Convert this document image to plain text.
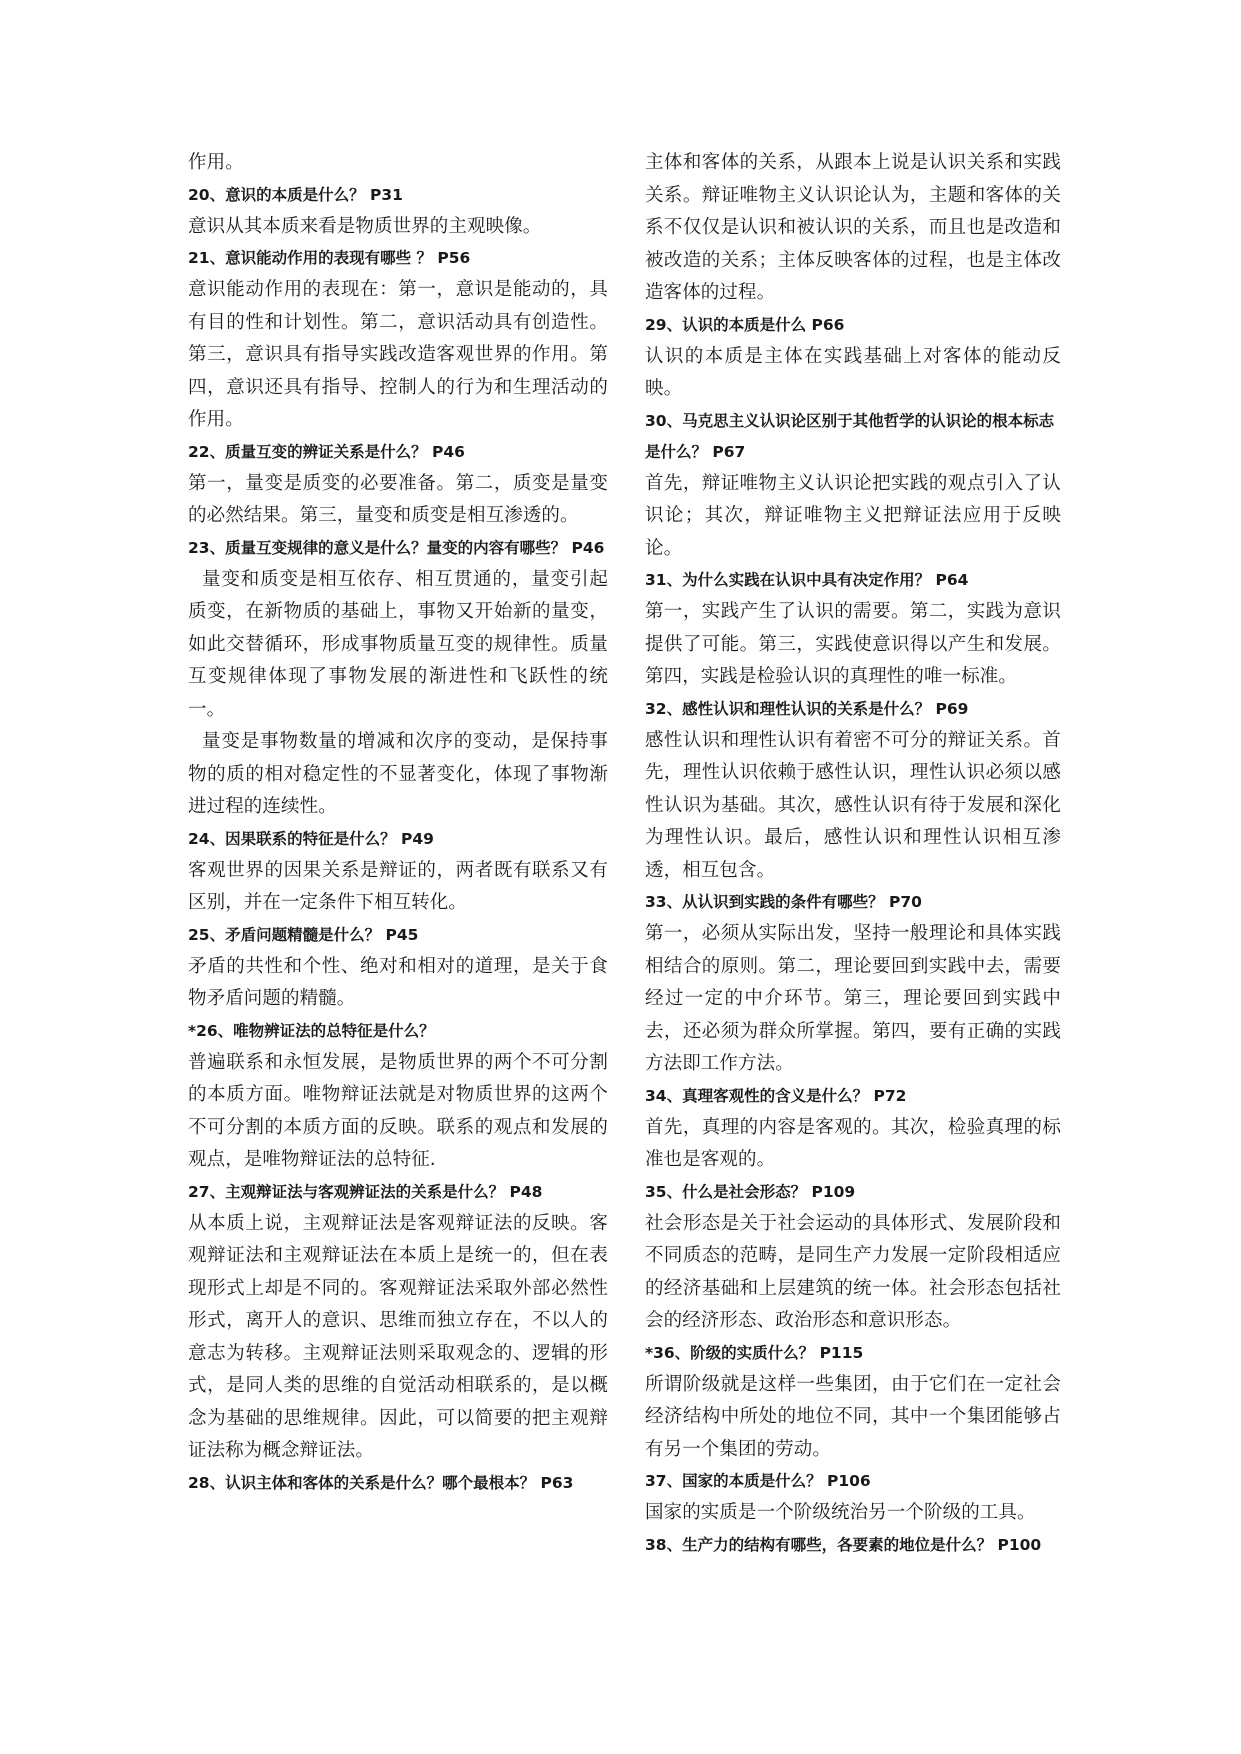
作用。

20、意识的本质是什么？ P31

意识从其本质来看是物质世界的主观映像。

21、意识能动作用的表现有哪些 ？ P56

意识能动作用的表现在：第一，意识是能动的，具有目的性和计划性。第二，意识活动具有创造性。第三，意识具有指导实践改造客观世界的作用。第四，意识还具有指导、控制人的行为和生理活动的作用。

22、质量互变的辨证关系是什么？ P46

第一，量变是质变的必要准备。第二，质变是量变的必然结果。第三，量变和质变是相互渗透的。

23、质量互变规律的意义是什么？量变的内容有哪些？ P46

量变和质变是相互依存、相互贯通的，量变引起质变，在新物质的基础上，事物又开始新的量变，如此交替循环，形成事物质量互变的规律性。质量互变规律体现了事物发展的渐进性和飞跃性的统一。

量变是事物数量的增减和次序的变动，是保持事物的质的相对稳定性的不显著变化，体现了事物渐进过程的连续性。

24、因果联系的特征是什么？ P49

客观世界的因果关系是辩证的，两者既有联系又有区别，并在一定条件下相互转化。

25、矛盾问题精髓是什么？ P45

矛盾的共性和个性、绝对和相对的道理，是关于食物矛盾问题的精髓。

*26、唯物辨证法的总特征是什么？

普遍联系和永恒发展，是物质世界的两个不可分割的本质方面。唯物辩证法就是对物质世界的这两个不可分割的本质方面的反映。联系的观点和发展的观点，是唯物辩证法的总特征.

27、主观辩证法与客观辨证法的关系是什么？ P48

从本质上说，主观辩证法是客观辩证法的反映。客观辩证法和主观辩证法在本质上是统一的，但在表现形式上却是不同的。客观辩证法采取外部必然性形式，离开人的意识、思维而独立存在，不以人的意志为转移。主观辩证法则采取观念的、逻辑的形式，是同人类的思维的自觉活动相联系的，是以概念为基础的思维规律。因此，可以简要的把主观辩证法称为概念辩证法。

28、认识主体和客体的关系是什么？哪个最根本？ P63

主体和客体的关系，从跟本上说是认识关系和实践关系。辩证唯物主义认识论认为，主题和客体的关系不仅仅是认识和被认识的关系，而且也是改造和被改造的关系；主体反映客体的过程，也是主体改造客体的过程。

29、认识的本质是什么 P66

认识的本质是主体在实践基础上对客体的能动反映。

30、马克思主义认识论区别于其他哲学的认识论的根本标志是什么？ P67

首先，辩证唯物主义认识论把实践的观点引入了认识论；其次，辩证唯物主义把辩证法应用于反映论。

31、为什么实践在认识中具有决定作用？ P64

第一，实践产生了认识的需要。第二，实践为意识提供了可能。第三，实践使意识得以产生和发展。第四，实践是检验认识的真理性的唯一标准。

32、感性认识和理性认识的关系是什么？ P69

感性认识和理性认识有着密不可分的辩证关系。首先，理性认识依赖于感性认识，理性认识必须以感性认识为基础。其次，感性认识有待于发展和深化为理性认识。最后，感性认识和理性认识相互渗透，相互包含。

33、从认识到实践的条件有哪些？ P70

第一，必须从实际出发，坚持一般理论和具体实践相结合的原则。第二，理论要回到实践中去，需要经过一定的中介环节。第三，理论要回到实践中去，还必须为群众所掌握。第四，要有正确的实践方法即工作方法。

34、真理客观性的含义是什么？ P72

首先，真理的内容是客观的。其次，检验真理的标准也是客观的。

35、什么是社会形态？ P109

社会形态是关于社会运动的具体形式、发展阶段和不同质态的范畴，是同生产力发展一定阶段相适应的经济基础和上层建筑的统一体。社会形态包括社会的经济形态、政治形态和意识形态。

*36、阶级的实质什么？ P115

所谓阶级就是这样一些集团，由于它们在一定社会经济结构中所处的地位不同，其中一个集团能够占有另一个集团的劳动。

37、国家的本质是什么？ P106

国家的实质是一个阶级统治另一个阶级的工具。

38、生产力的结构有哪些，各要素的地位是什么？ P100
